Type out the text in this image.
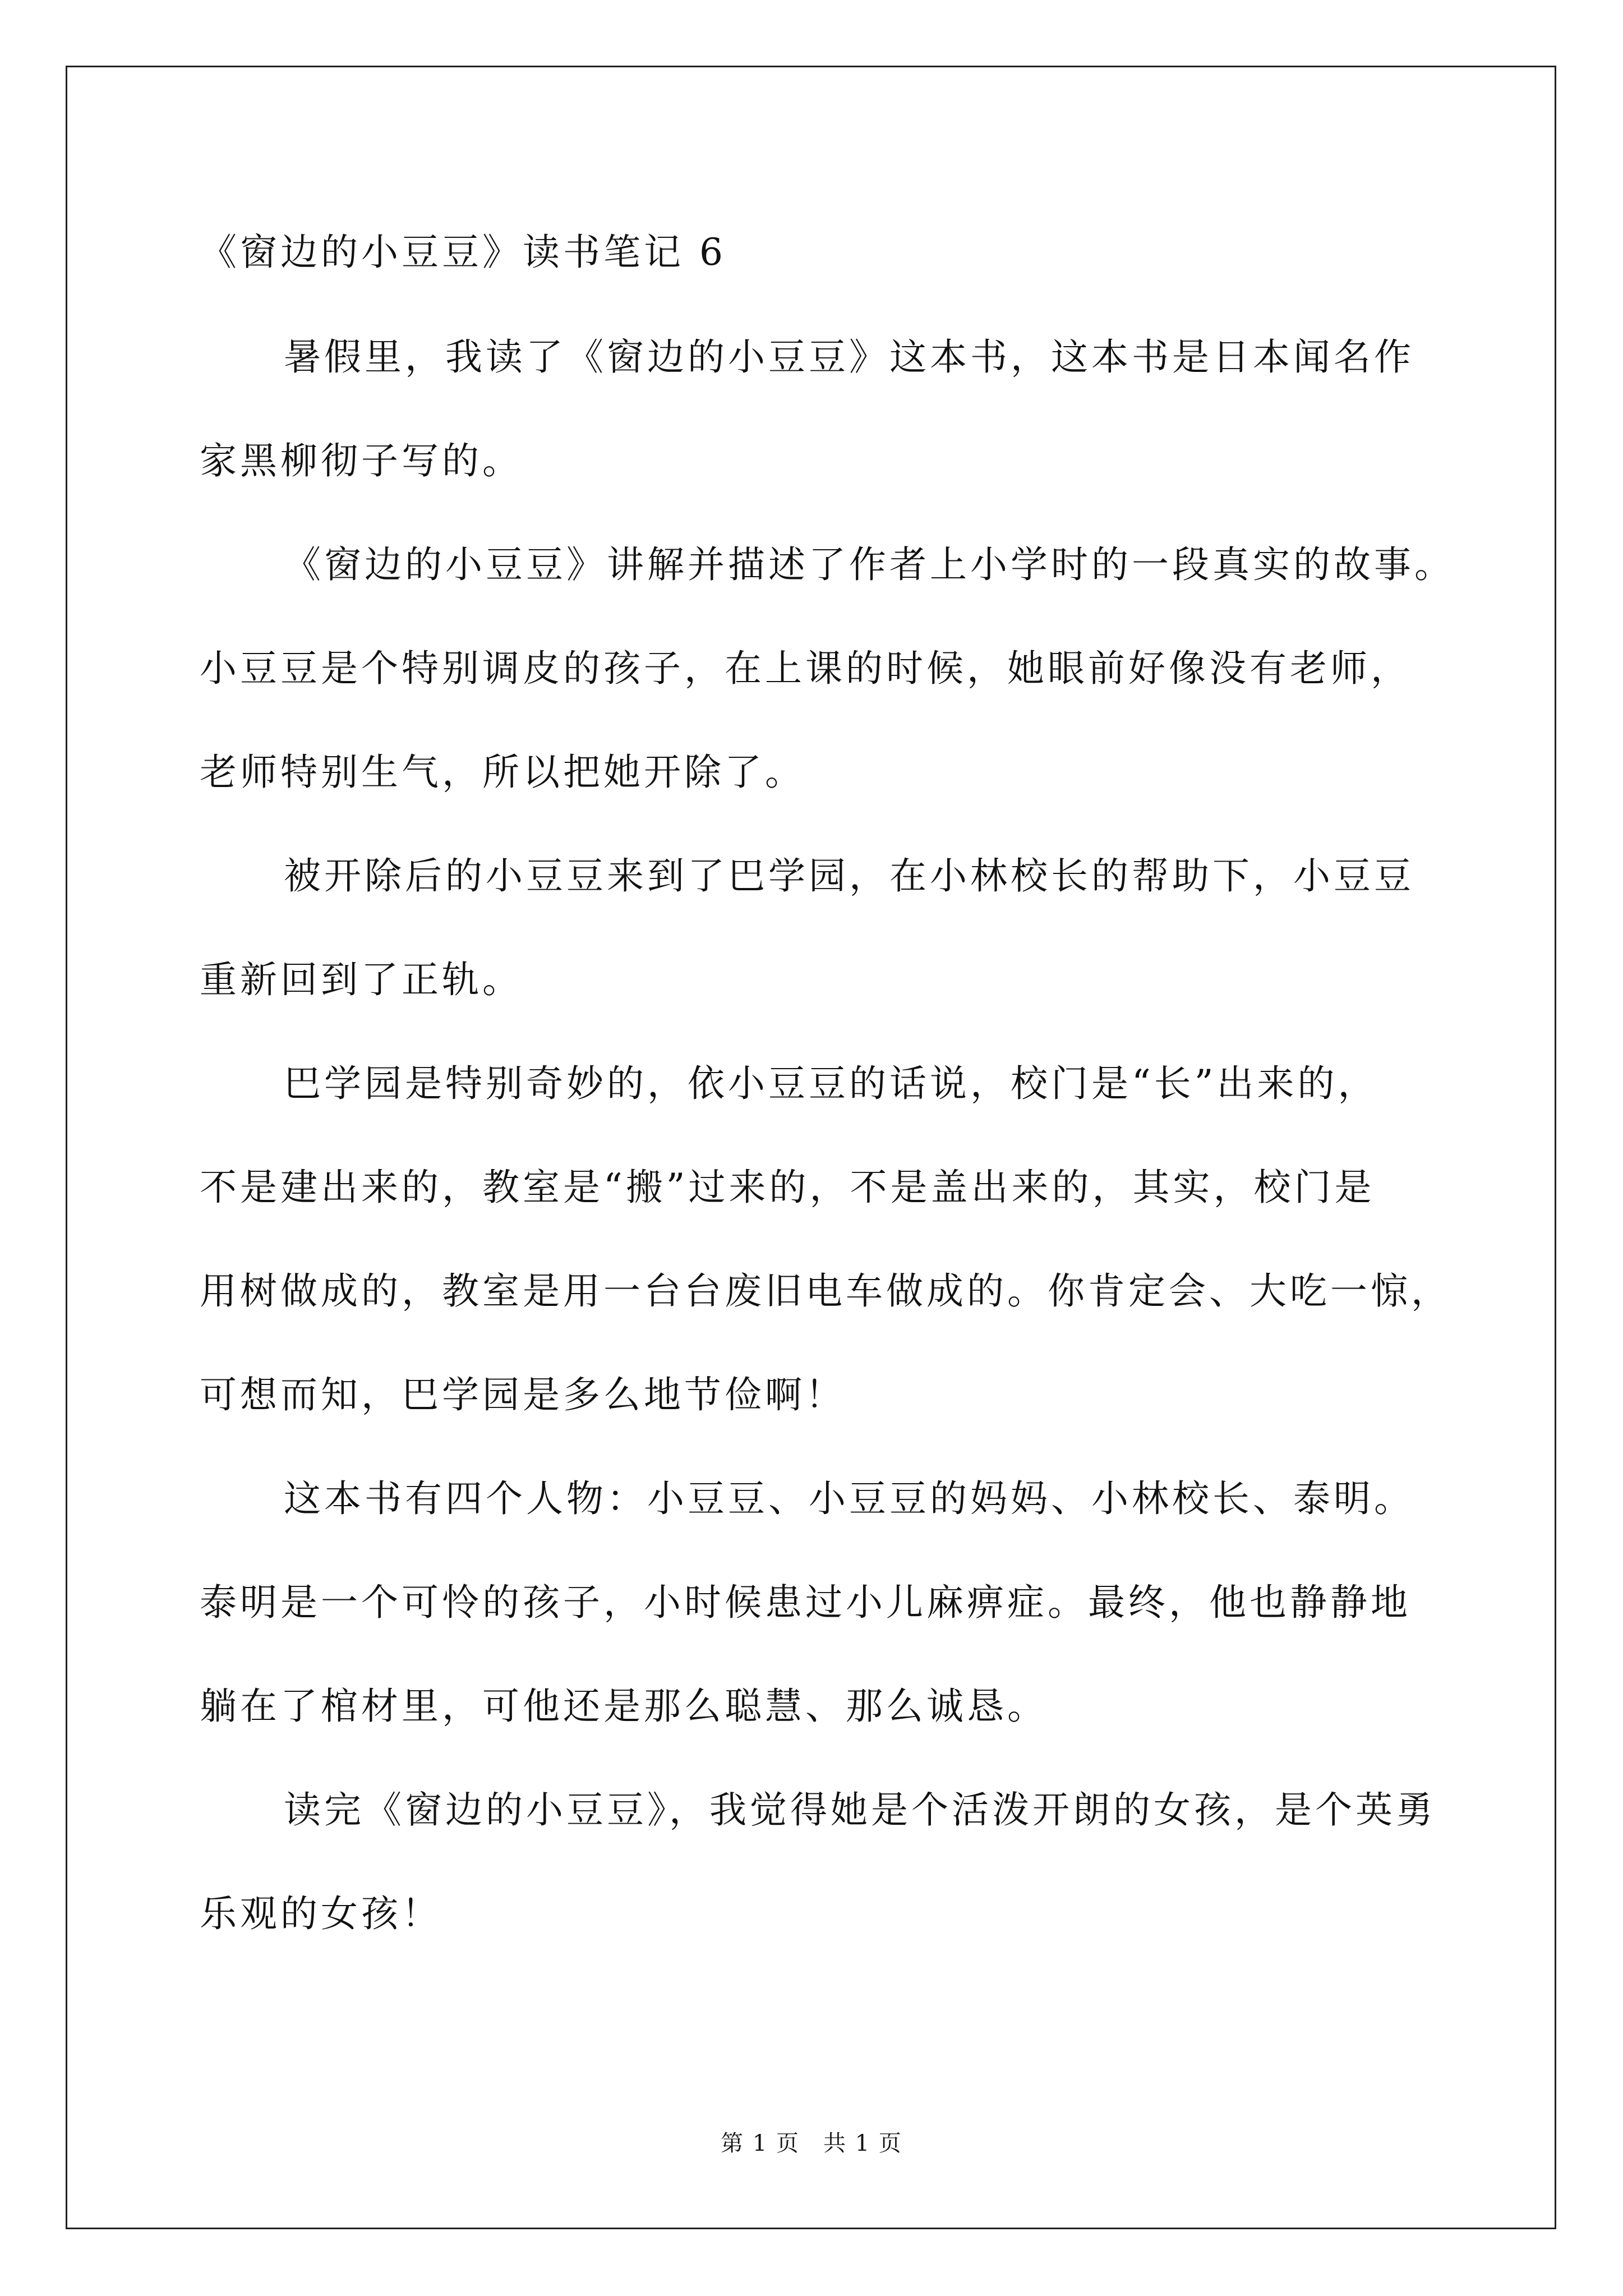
《窗边的小豆豆》读书笔记 6
暑假里，我读了《窗边的小豆豆》这本书，这本书是日本闻名作
家黑柳彻子写的。
《窗边的小豆豆》讲解并描述了作者上小学时的一段真实的故事。
小豆豆是个特别调皮的孩子，在上课的时候，她眼前好像没有老师，
老师特别生气，所以把她开除了。
被开除后的小豆豆来到了巴学园，在小林校长的帮助下，小豆豆
重新回到了正轨。
巴学园是特别奇妙的，依小豆豆的话说，校门是“长”出来的，
不是建出来的，教室是“搬”过来的，不是盖出来的，其实，校门是
用树做成的，教室是用一台台废旧电车做成的。你肯定会、大吃一惊，
可想而知，巴学园是多么地节俭啊！
这本书有四个人物：小豆豆、小豆豆的妈妈、小林校长、泰明。
泰明是一个可怜的孩子，小时候患过小儿麻痹症。最终，他也静静地
躺在了棺材里，可他还是那么聪慧、那么诚恳。
读完《窗边的小豆豆》，我觉得她是个活泼开朗的女孩，是个英勇
乐观的女孩！
第 1 页　共 1 页
